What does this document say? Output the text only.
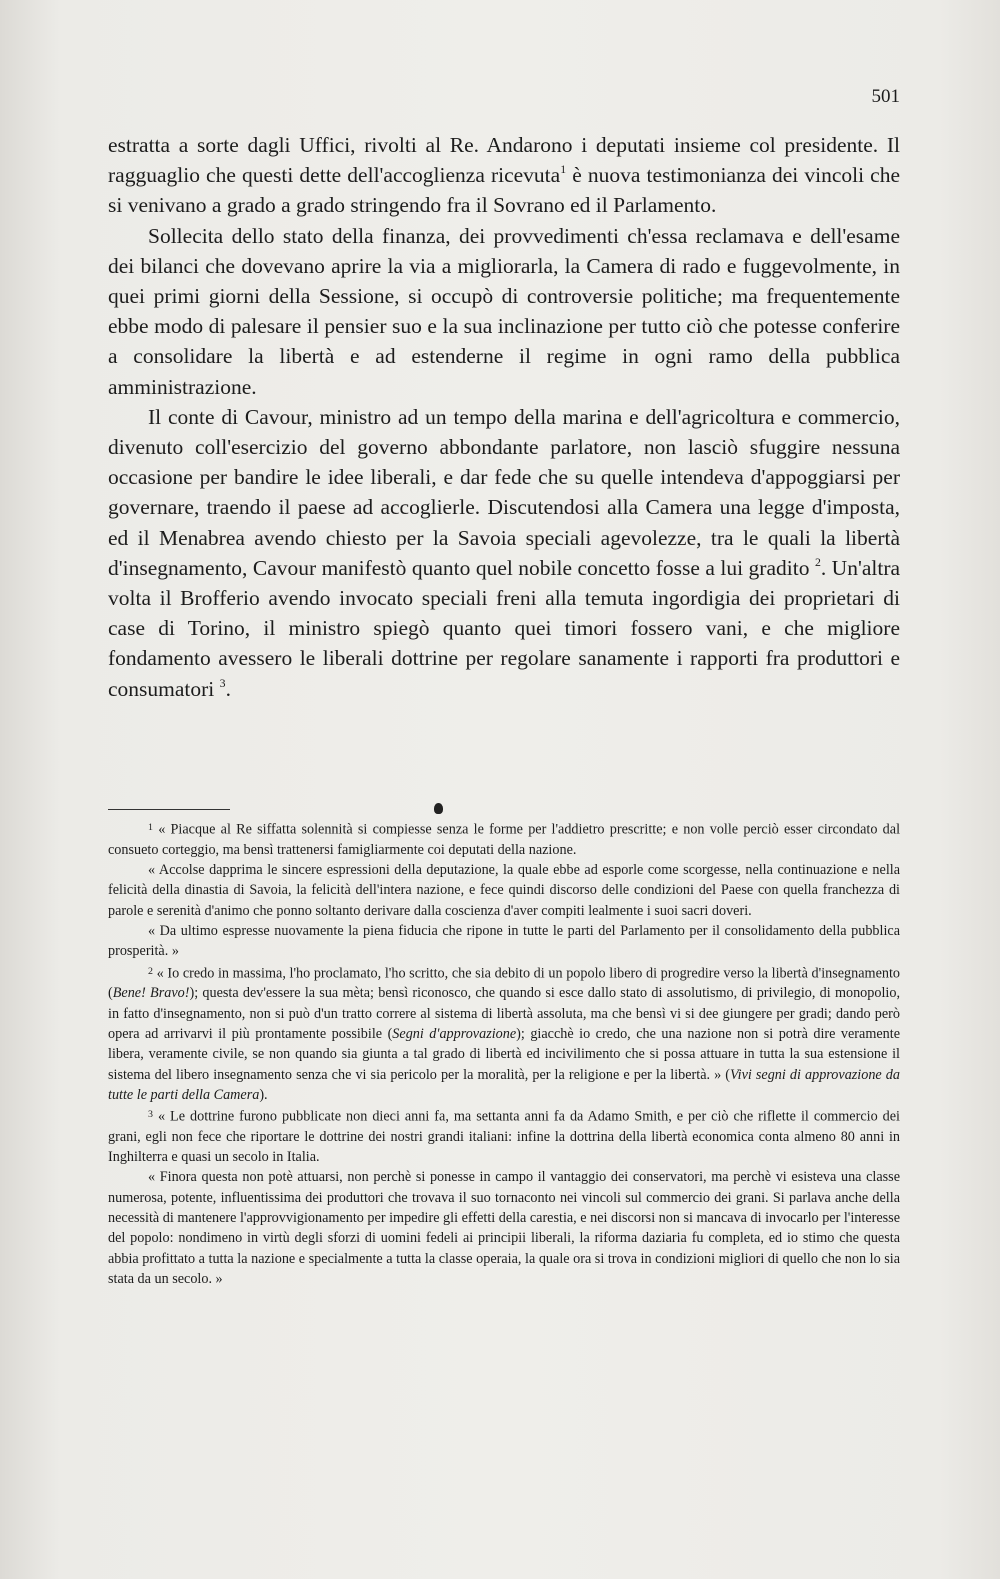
501

estratta a sorte dagli Uffici, rivolti al Re. Andarono i deputati insieme col presidente. Il ragguaglio che questi dette dell'accoglienza ricevuta$^1$ è nuova testimonianza dei vincoli che si venivano a grado a grado stringendo fra il Sovrano ed il Parlamento.

Sollecita dello stato della finanza, dei provvedimenti ch'essa reclamava e dell'esame dei bilanci che dovevano aprire la via a migliorarla, la Camera di rado e fuggevolmente, in quei primi giorni della Sessione, si occupò di controversie politiche; ma frequentemente ebbe modo di palesare il pensier suo e la sua inclinazione per tutto ciò che potesse conferire a consolidare la libertà e ad estenderne il regime in ogni ramo della pubblica amministrazione.

Il conte di Cavour, ministro ad un tempo della marina e dell'agricoltura e commercio, divenuto coll'esercizio del governo abbondante parlatore, non lasciò sfuggire nessuna occasione per bandire le idee liberali, e dar fede che su quelle intendeva d'appoggiarsi per governare, traendo il paese ad accoglierle. Discutendosi alla Camera una legge d'imposta, ed il Menabrea avendo chiesto per la Savoia speciali agevolezze, tra le quali la libertà d'insegnamento, Cavour manifestò quanto quel nobile concetto fosse a lui gradito $^2$. Un'altra volta il Brofferio avendo invocato speciali freni alla temuta ingordigia dei proprietari di case di Torino, il ministro spiegò quanto quei timori fossero vani, e che migliore fondamento avessero le liberali dottrine per regolare sanamente i rapporti fra produttori e consumatori $^3$.

$^1$ « Piacque al Re siffatta solennità si compiesse senza le forme per l'addietro prescritte; e non volle perciò esser circondato dal consueto corteggio, ma bensì trattenersi famigliarmente coi deputati della nazione.

« Accolse dapprima le sincere espressioni della deputazione, la quale ebbe ad esporle come scorgesse, nella continuazione e nella felicità della dinastia di Savoia, la felicità dell'intera nazione, e fece quindi discorso delle condizioni del Paese con quella franchezza di parole e serenità d'animo che ponno soltanto derivare dalla coscienza d'aver compiti lealmente i suoi sacri doveri.

« Da ultimo espresse nuovamente la piena fiducia che ripone in tutte le parti del Parlamento per il consolidamento della pubblica prosperità. »

$^2$ « Io credo in massima, l'ho proclamato, l'ho scritto, che sia debito di un popolo libero di progredire verso la libertà d'insegnamento (Bene! Bravo!); questa dev'essere la sua mèta; bensì riconosco, che quando si esce dallo stato di assolutismo, di privilegio, di monopolio, in fatto d'insegnamento, non si può d'un tratto correre al sistema di libertà assoluta, ma che bensì vi si dee giungere per gradi; dando però opera ad arrivarvi il più prontamente possibile (Segni d'approvazione); giacchè io credo, che una nazione non si potrà dire veramente libera, veramente civile, se non quando sia giunta a tal grado di libertà ed incivilimento che si possa attuare in tutta la sua estensione il sistema del libero insegnamento senza che vi sia pericolo per la moralità, per la religione e per la libertà. » (Vivi segni di approvazione da tutte le parti della Camera).

$^3$ « Le dottrine furono pubblicate non dieci anni fa, ma settanta anni fa da Adamo Smith, e per ciò che riflette il commercio dei grani, egli non fece che riportare le dottrine dei nostri grandi italiani: infine la dottrina della libertà economica conta almeno 80 anni in Inghilterra e quasi un secolo in Italia.

« Finora questa non potè attuarsi, non perchè si ponesse in campo il vantaggio dei conservatori, ma perchè vi esisteva una classe numerosa, potente, influentissima dei produttori che trovava il suo tornaconto nei vincoli sul commercio dei grani. Si parlava anche della necessità di mantenere l'approvvigionamento per impedire gli effetti della carestia, e nei discorsi non si mancava di invocarlo per l'interesse del popolo: nondimeno in virtù degli sforzi di uomini fedeli ai principii liberali, la riforma daziaria fu completa, ed io stimo che questa abbia profittato a tutta la nazione e specialmente a tutta la classe operaia, la quale ora si trova in condizioni migliori di quello che non lo sia stata da un secolo. »
